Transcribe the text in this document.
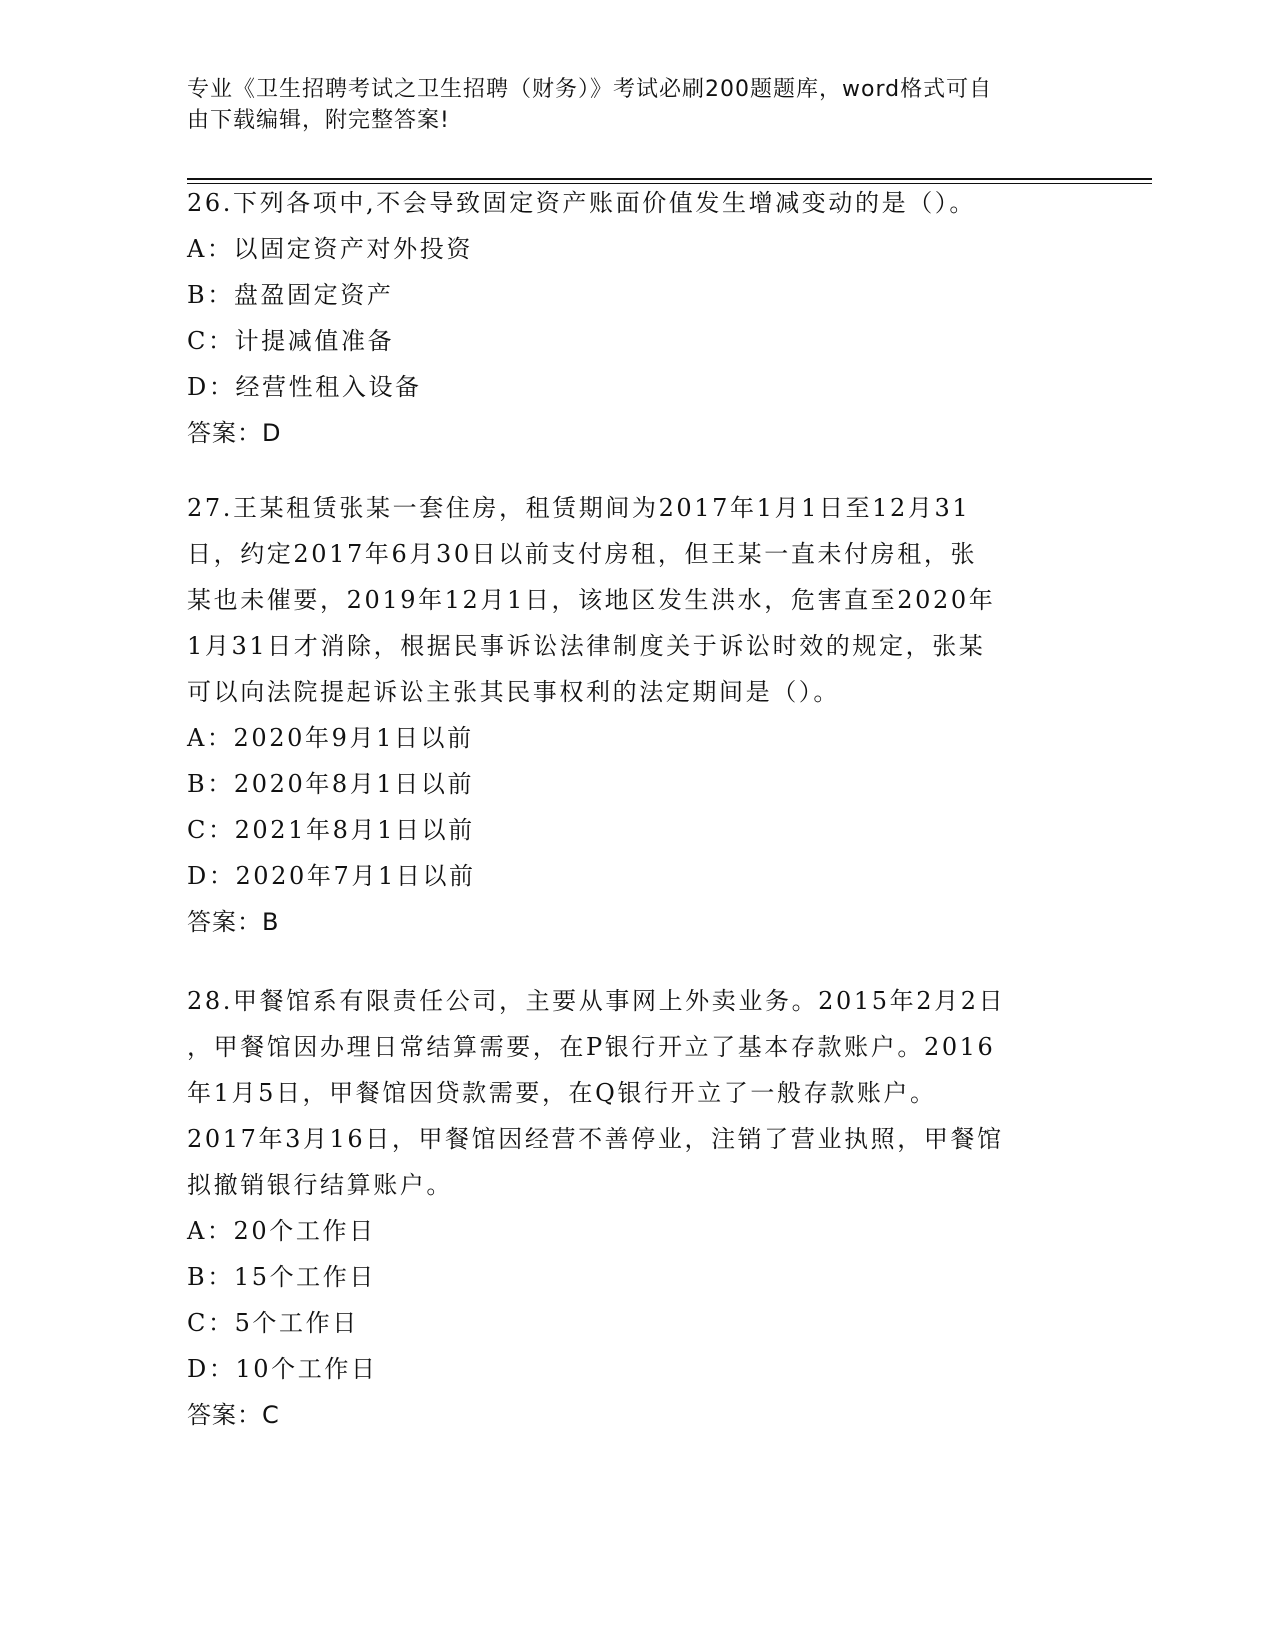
专业《卫生招聘考试之卫生招聘（财务）》考试必刷200题题库，word格式可自
由下载编辑，附完整答案!

26.下列各项中,不会导致固定资产账面价值发生增减变动的是（）。

A：以固定资产对外投资

B：盘盈固定资产

C：计提减值准备

D：经营性租入设备

答案：D

27.王某租赁张某一套住房，租赁期间为2017年1月1日至12月31

日，约定2017年6月30日以前支付房租，但王某一直未付房租，张

某也未催要，2019年12月1日，该地区发生洪水，危害直至2020年

1月31日才消除，根据民事诉讼法律制度关于诉讼时效的规定，张某

可以向法院提起诉讼主张其民事权利的法定期间是（）。

A：2020年9月1日以前

B：2020年8月1日以前

C：2021年8月1日以前

D：2020年7月1日以前

答案：B

28.甲餐馆系有限责任公司，主要从事网上外卖业务。2015年2月2日

，甲餐馆因办理日常结算需要，在P银行开立了基本存款账户。2016

年1月5日，甲餐馆因贷款需要，在Q银行开立了一般存款账户。

2017年3月16日，甲餐馆因经营不善停业，注销了营业执照，甲餐馆

拟撤销银行结算账户。

A：20个工作日

B：15个工作日

C：5个工作日

D：10个工作日

答案：C
